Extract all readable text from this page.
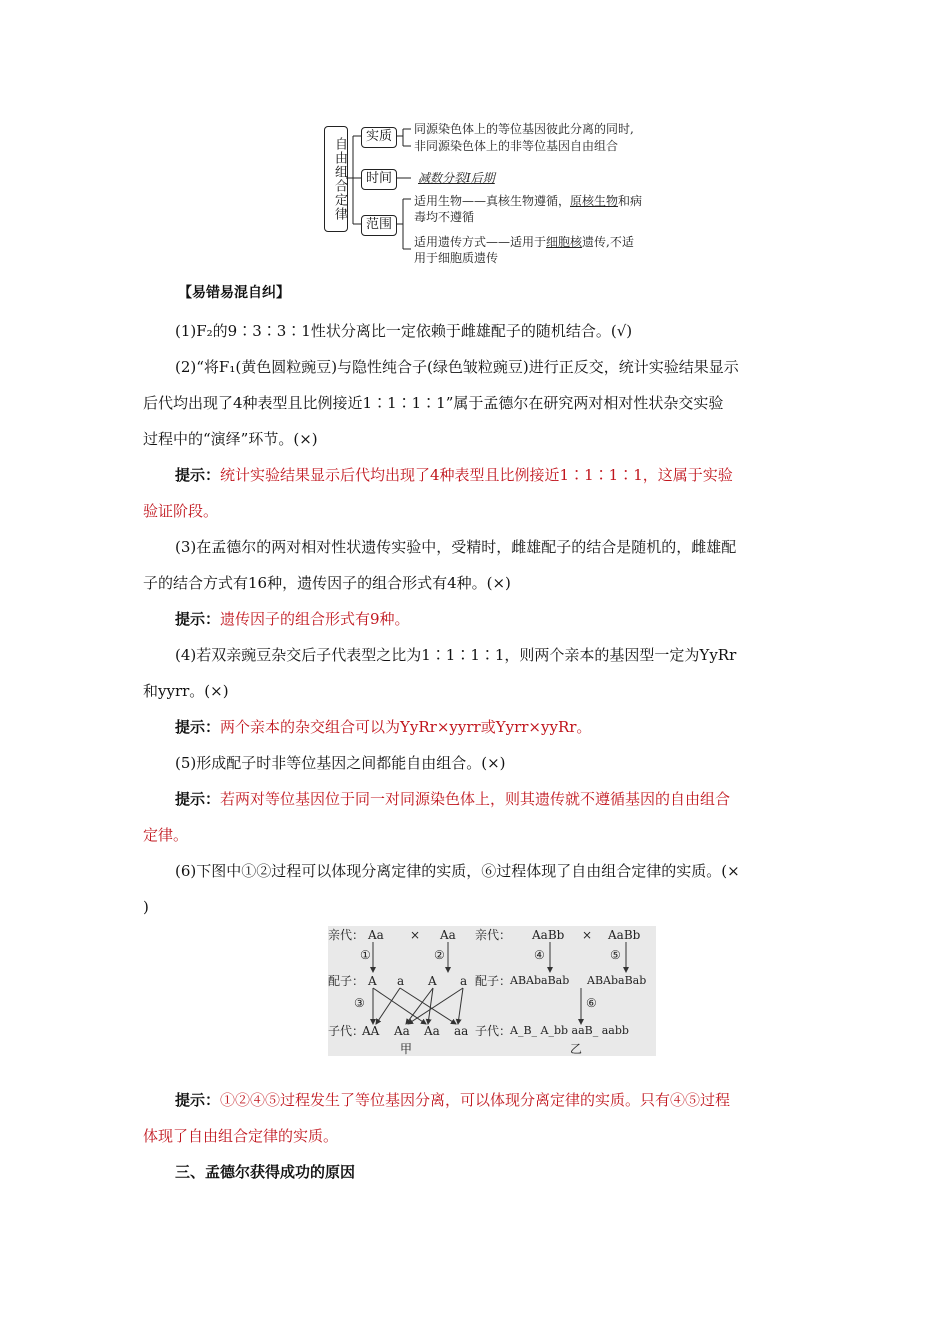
自由组合定律
实质
时间
范围
同源染色体上的等位基因彼此分离的同时,
非同源染色体上的非等位基因自由组合
减数分裂Ⅰ后期
适用生物——真核生物遵循，原核生物和病
毒均不遵循
适用遗传方式——适用于细胞核遗传,不适
用于细胞质遗传
【易错易混自纠】
(1)F₂的9∶3∶3∶1性状分离比一定依赖于雌雄配子的随机结合。(√)
(2)“将F₁(黄色圆粒豌豆)与隐性纯合子(绿色皱粒豌豆)进行正反交，统计实验结果显示
后代均出现了4种表型且比例接近1∶1∶1∶1”属于孟德尔在研究两对相对性状杂交实验
过程中的“演绎”环节。(×)
提示：统计实验结果显示后代均出现了4种表型且比例接近1∶1∶1∶1，这属于实验
验证阶段。
(3)在孟德尔的两对相对性状遗传实验中，受精时，雌雄配子的结合是随机的，雌雄配
子的结合方式有16种，遗传因子的组合形式有4种。(×)
提示：遗传因子的组合形式有9种。
(4)若双亲豌豆杂交后子代表型之比为1∶1∶1∶1，则两个亲本的基因型一定为YyRr
和yyrr。(×)
提示：两个亲本的杂交组合可以为YyRr×yyrr或Yyrr×yyRr。
(5)形成配子时非等位基因之间都能自由组合。(×)
提示：若两对等位基因位于同一对同源染色体上，则其遗传就不遵循基因的自由组合
定律。
(6)下图中①②过程可以体现分离定律的实质，⑥过程体现了自由组合定律的实质。(×
)
亲代： Aa × Aa 亲代： AaBb × AaBb
①	②	④	⑤
配子： A a A a 配子：
ABAbaBab ABAbaBab
③	⑥
子代：
AA Aa Aa aa 子代：
A_B_ A_bb aaB_ aabb
甲	乙
提示：①②④⑤过程发生了等位基因分离，可以体现分离定律的实质。只有④⑤过程
体现了自由组合定律的实质。
三、孟德尔获得成功的原因
